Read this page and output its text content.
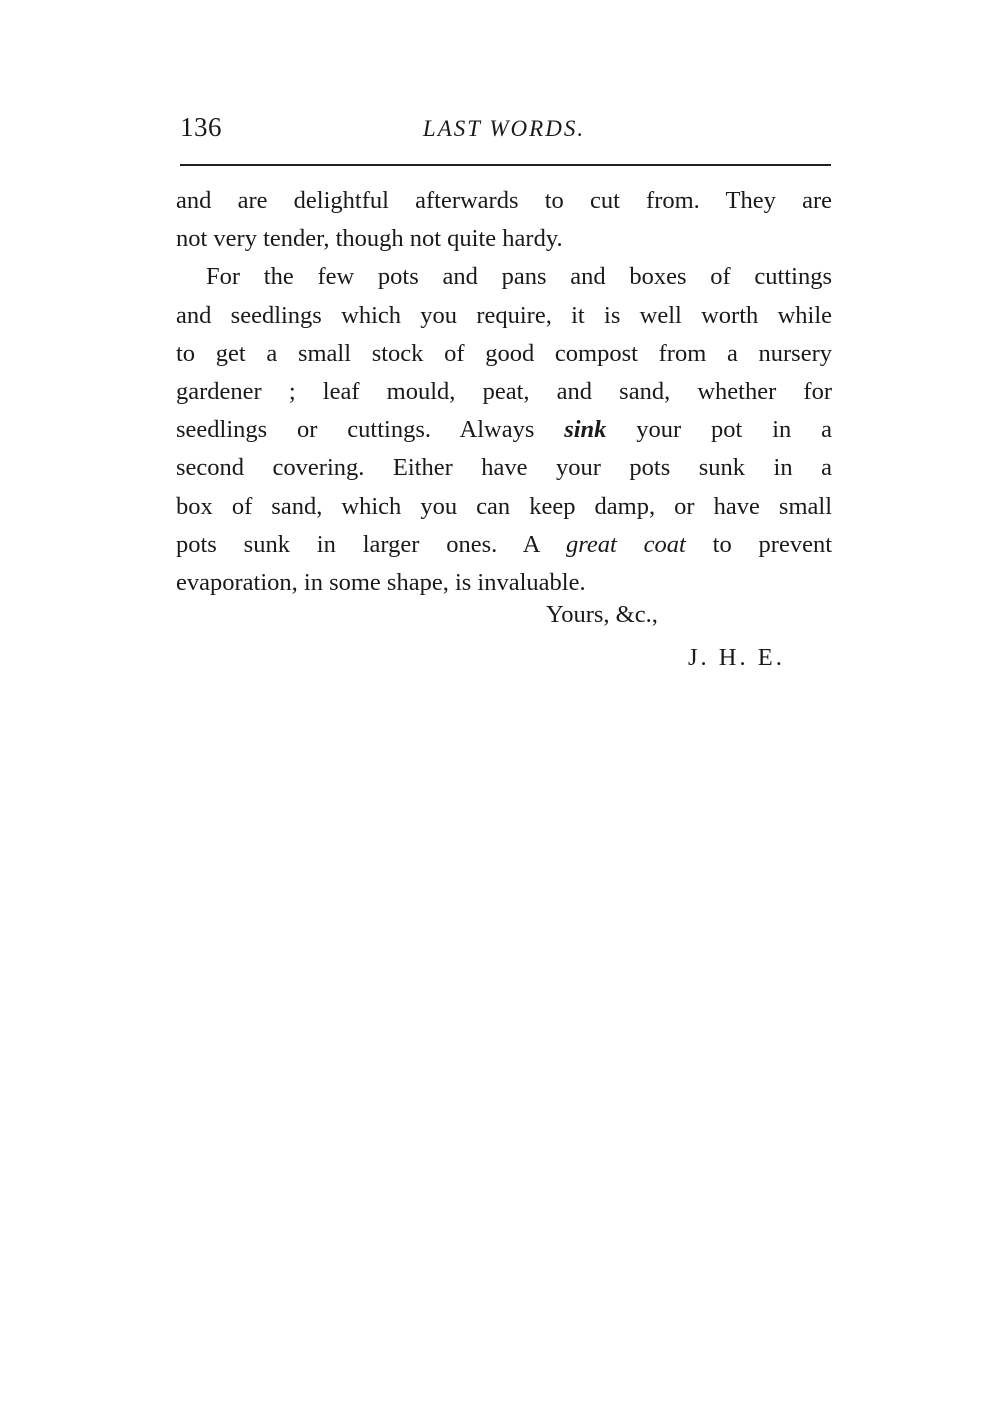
136	LAST WORDS.

and are delightful afterwards to cut from. They are
not very tender, though not quite hardy.

For the few pots and pans and boxes of cuttings
and seedlings which you require, it is well worth while
to get a small stock of good compost from a nursery
gardener ; leaf mould, peat, and sand, whether for
seedlings or cuttings. Always sink your pot in a
second covering. Either have your pots sunk in a
box of sand, which you can keep damp, or have small
pots sunk in larger ones. A great coat to prevent
evaporation, in some shape, is invaluable.

Yours, &c.,
J. H. E.
